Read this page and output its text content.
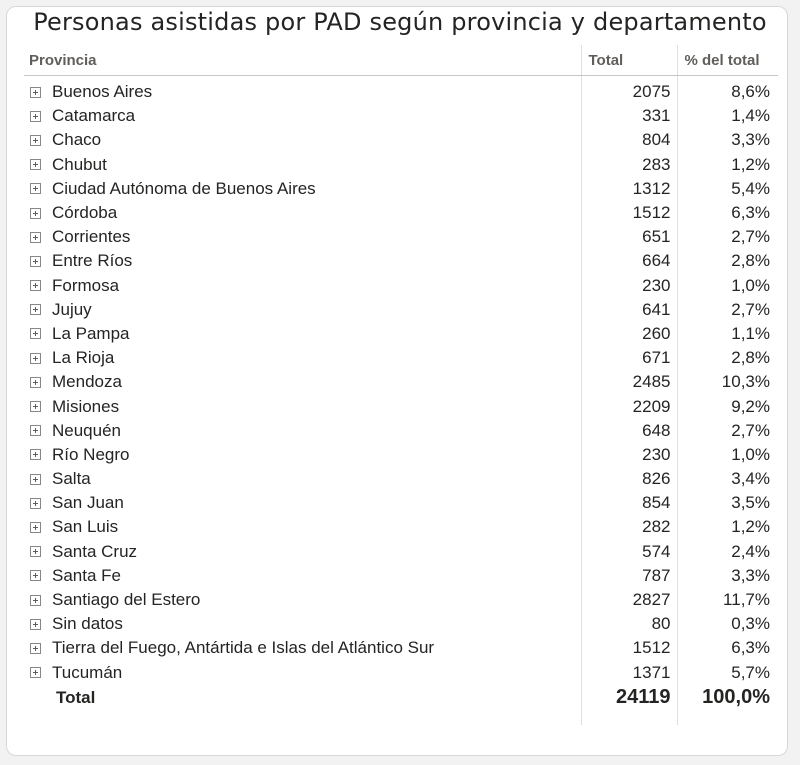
Personas asistidas por PAD según provincia y departamento
Provincia	Total	% del total

Buenos Aires	2075	8,6%

Catamarca	331	1,4%

Chaco	804	3,3%

Chubut	283	1,2%

Ciudad Autónoma de Buenos Aires	1312	5,4%

Córdoba	1512	6,3%

Corrientes	651	2,7%

Entre Ríos	664	2,8%

Formosa	230	1,0%

Jujuy	641	2,7%

La Pampa	260	1,1%

La Rioja	671	2,8%

Mendoza	2485	10,3%

Misiones	2209	9,2%

Neuquén	648	2,7%

Río Negro	230	1,0%

Salta	826	3,4%

San Juan	854	3,5%

San Luis	282	1,2%

Santa Cruz	574	2,4%

Santa Fe	787	3,3%

Santiago del Estero	2827	11,7%

Sin datos	80	0,3%

Tierra del Fuego, Antártida e Islas del Atlántico Sur	1512	6,3%

Tucumán	1371	5,7%
Total	24119	100,0%
